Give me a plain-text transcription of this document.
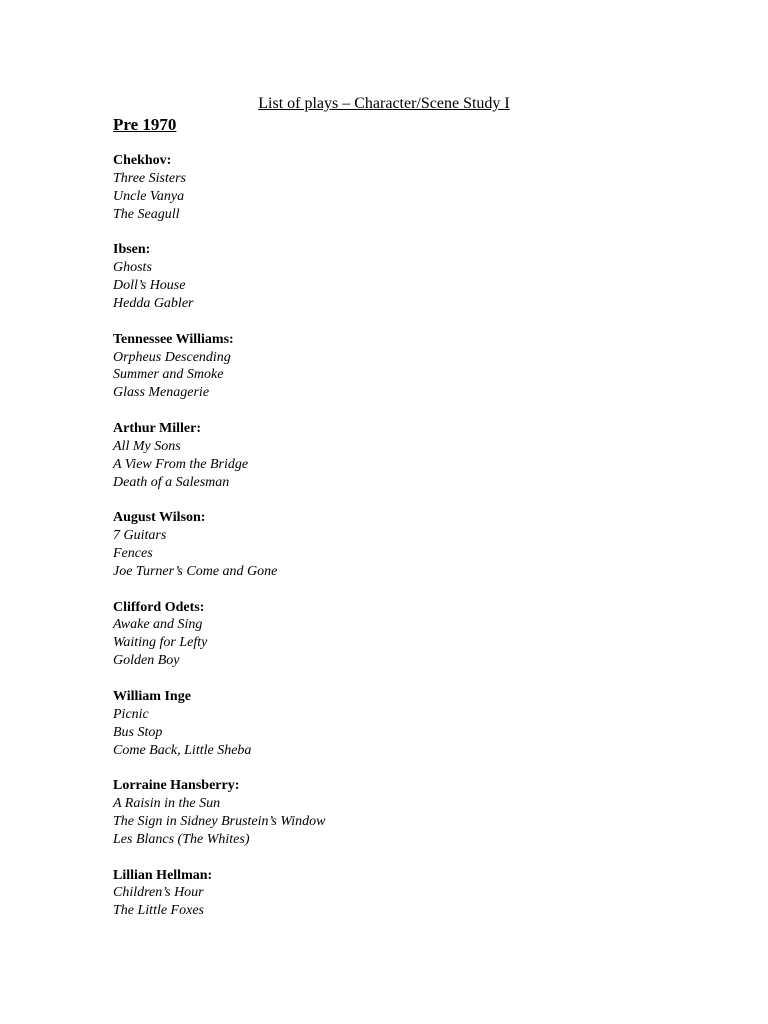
List of plays – Character/Scene Study I
Pre 1970
Chekhov:
Three Sisters
Uncle Vanya
The Seagull
Ibsen:
Ghosts
Doll’s House
Hedda Gabler
Tennessee Williams:
Orpheus Descending
Summer and Smoke
Glass Menagerie
Arthur Miller:
All My Sons
A View From the Bridge
Death of a Salesman
August Wilson:
7 Guitars
Fences
Joe Turner’s Come and Gone
Clifford Odets:
Awake and Sing
Waiting for Lefty
Golden Boy
William Inge
Picnic
Bus Stop
Come Back, Little Sheba
Lorraine Hansberry:
A Raisin in the Sun
The Sign in Sidney Brustein’s Window
Les Blancs (The Whites)
Lillian Hellman:
Children’s Hour
The Little Foxes
